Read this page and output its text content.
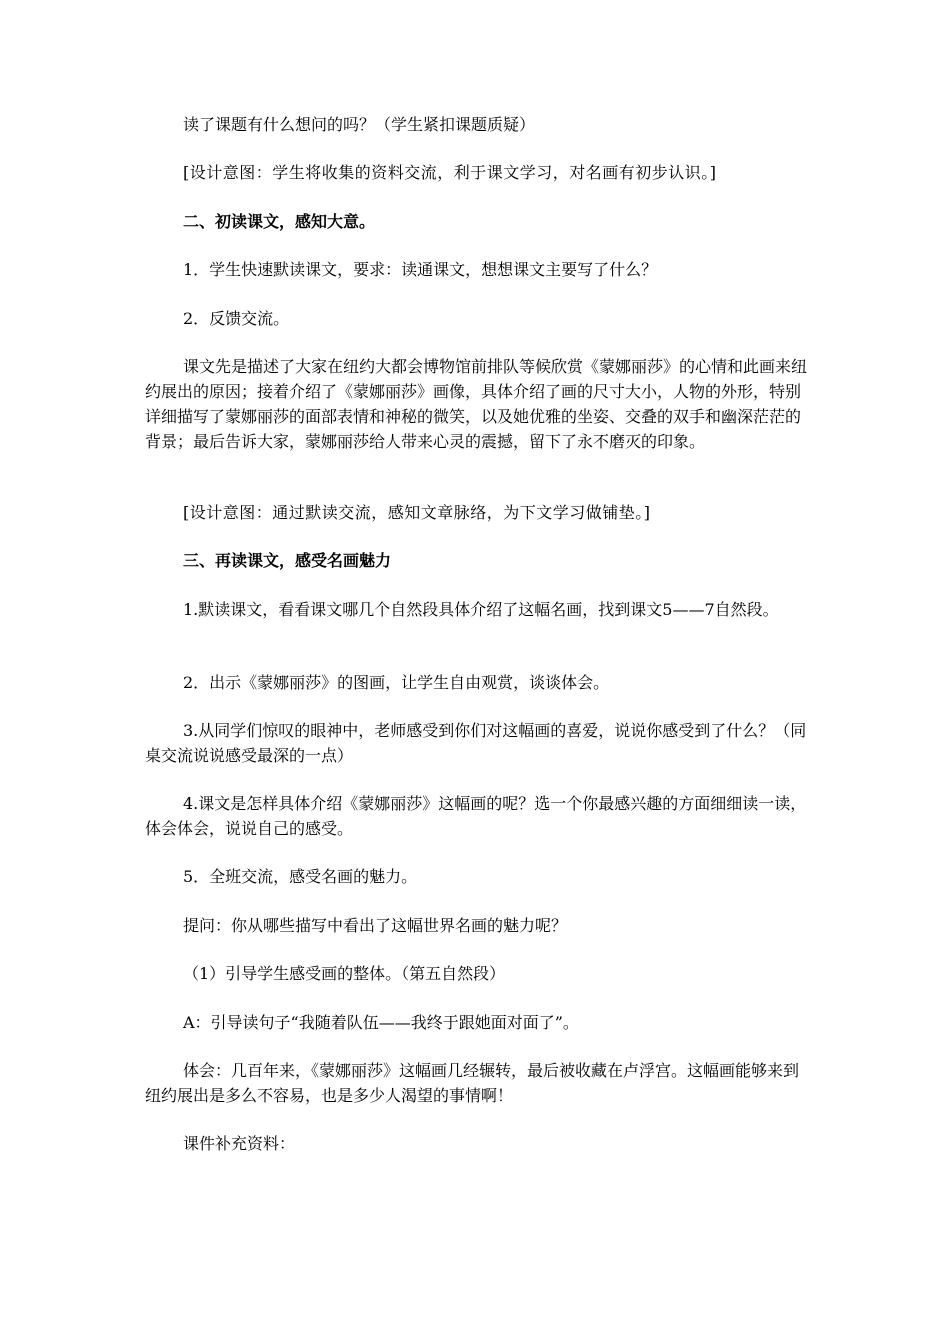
读了课题有什么想问的吗？（学生紧扣课题质疑）

[设计意图：学生将收集的资料交流，利于课文学习，对名画有初步认识。]

二、初读课文，感知大意。

1．学生快速默读课文，要求：读通课文，想想课文主要写了什么？

2．反馈交流。

课文先是描述了大家在纽约大都会博物馆前排队等候欣赏《蒙娜丽莎》的心情和此画来纽约展出的原因；接着介绍了《蒙娜丽莎》画像，具体介绍了画的尺寸大小，人物的外形，特别详细描写了蒙娜丽莎的面部表情和神秘的微笑，以及她优雅的坐姿、交叠的双手和幽深茫茫的背景；最后告诉大家，蒙娜丽莎给人带来心灵的震撼，留下了永不磨灭的印象。

[设计意图：通过默读交流，感知文章脉络，为下文学习做铺垫。]

三、再读课文，感受名画魅力

1.默读课文，看看课文哪几个自然段具体介绍了这幅名画，找到课文5——7自然段。

2．出示《蒙娜丽莎》的图画，让学生自由观赏，谈谈体会。

3.从同学们惊叹的眼神中，老师感受到你们对这幅画的喜爱，说说你感受到了什么？（同桌交流说说感受最深的一点）

4.课文是怎样具体介绍《蒙娜丽莎》这幅画的呢？选一个你最感兴趣的方面细细读一读，体会体会，说说自己的感受。

5．全班交流，感受名画的魅力。

提问：你从哪些描写中看出了这幅世界名画的魅力呢？

（1）引导学生感受画的整体。（第五自然段）

A：引导读句子“我随着队伍——我终于跟她面对面了”。

体会：几百年来，《蒙娜丽莎》这幅画几经辗转，最后被收藏在卢浮宫。这幅画能够来到纽约展出是多么不容易，也是多少人渴望的事情啊！

课件补充资料：
